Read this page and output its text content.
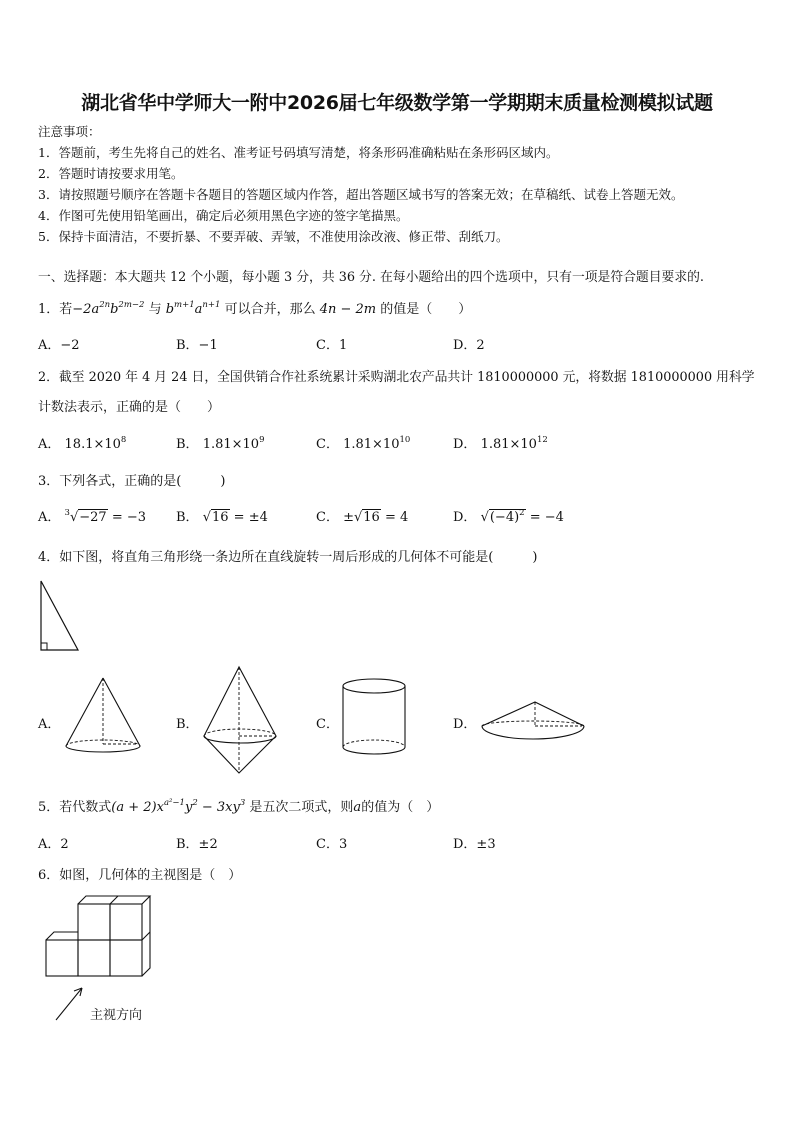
湖北省华中学师大一附中2026届七年级数学第一学期期末质量检测模拟试题
注意事项：
1．答题前，考生先将自己的姓名、准考证号码填写清楚，将条形码准确粘贴在条形码区域内。
2．答题时请按要求用笔。
3．请按照题号顺序在答题卡各题目的答题区域内作答，超出答题区域书写的答案无效；在草稿纸、试卷上答题无效。
4．作图可先使用铅笔画出，确定后必须用黑色字迹的签字笔描黑。
5．保持卡面清洁，不要折暴、不要弄破、弄皱，不准使用涂改液、修正带、刮纸刀。
一、选择题：本大题共 12 个小题，每小题 3 分，共 36 分. 在每小题给出的四个选项中，只有一项是符合题目要求的.
1．若$-2a^{2n}b^{2m-2}$ 与 $b^{m+1}a^{n+1}$ 可以合并，那么 4n − 2m 的值是（　　）
A．−2	B．−1	C．1	D．2
2．截至 2020 年 4 月 24 日，全国供销合作社系统累计采购湖北农产品共计 1810000000 元，将数据 1810000000 用科学
计数法表示，正确的是（　　）
A． $18.1\times 10^8$	B． $1.81\times 10^9$	C． $1.81\times 10^{10}$	D． $1.81\times 10^{12}$
3．下列各式，正确的是(　　　)
A． $^3$√−27 = −3 B． √16 = ±4	C． ±√16 = 4	D． $√(-4)^2 = -4$
4．如下图，将直角三角形绕一条边所在直线旋转一周后形成的几何体不可能是(　　　)
A．	B．	C．	D．
5．若代数式$(a + 2)x^{a^2-1}y^2 - 3xy^3$ 是五次二项式，则a的值为（　）
A．2	B．±2	C．3	D．±3
6．如图，几何体的主视图是（　）
主视方向
